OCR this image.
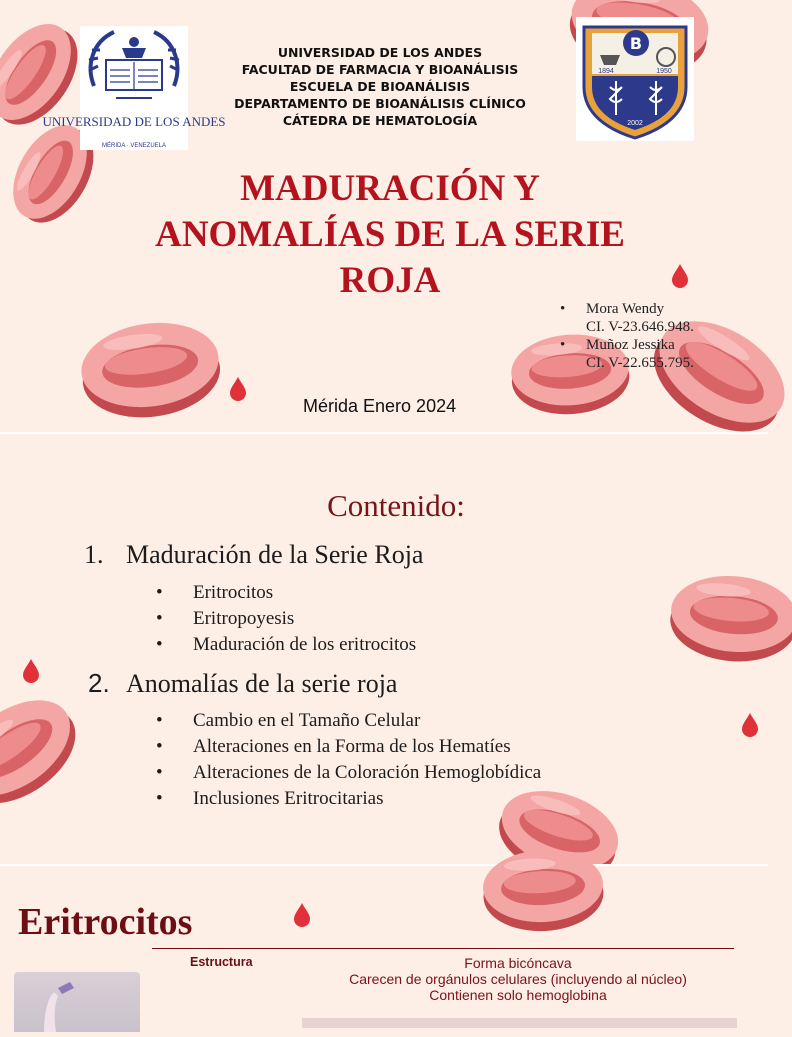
UNIVERSIDAD DE LOS ANDES
MÉRIDA · VENEZUELA
B
1894	1950
2002
UNIVERSIDAD DE LOS ANDES
FACULTAD DE FARMACIA Y BIOANÁLISIS
ESCUELA DE BIOANÁLISIS
DEPARTAMENTO DE BIOANÁLISIS CLÍNICO
CÁTEDRA DE HEMATOLOGÍA
MADURACIÓN Y
ANOMALÍAS DE LA SERIE
ROJA
•	Mora Wendy
CI. V-23.646.948.
•	Muñoz Jessika
CI. V-22.655.795.
Mérida Enero 2024
Contenido:
1. Maduración de la Serie Roja
• Eritrocitos
• Eritropoyesis
• Maduración de los eritrocitos
2. Anomalías de la serie roja
• Cambio en el Tamaño Celular
• Alteraciones en la Forma de los Hematíes
• Alteraciones de la Coloración Hemoglobídica
• Inclusiones Eritrocitarias
Eritrocitos
Estructura	Forma bicóncava
Carecen de orgánulos celulares (incluyendo al núcleo)
Contienen solo hemoglobina
